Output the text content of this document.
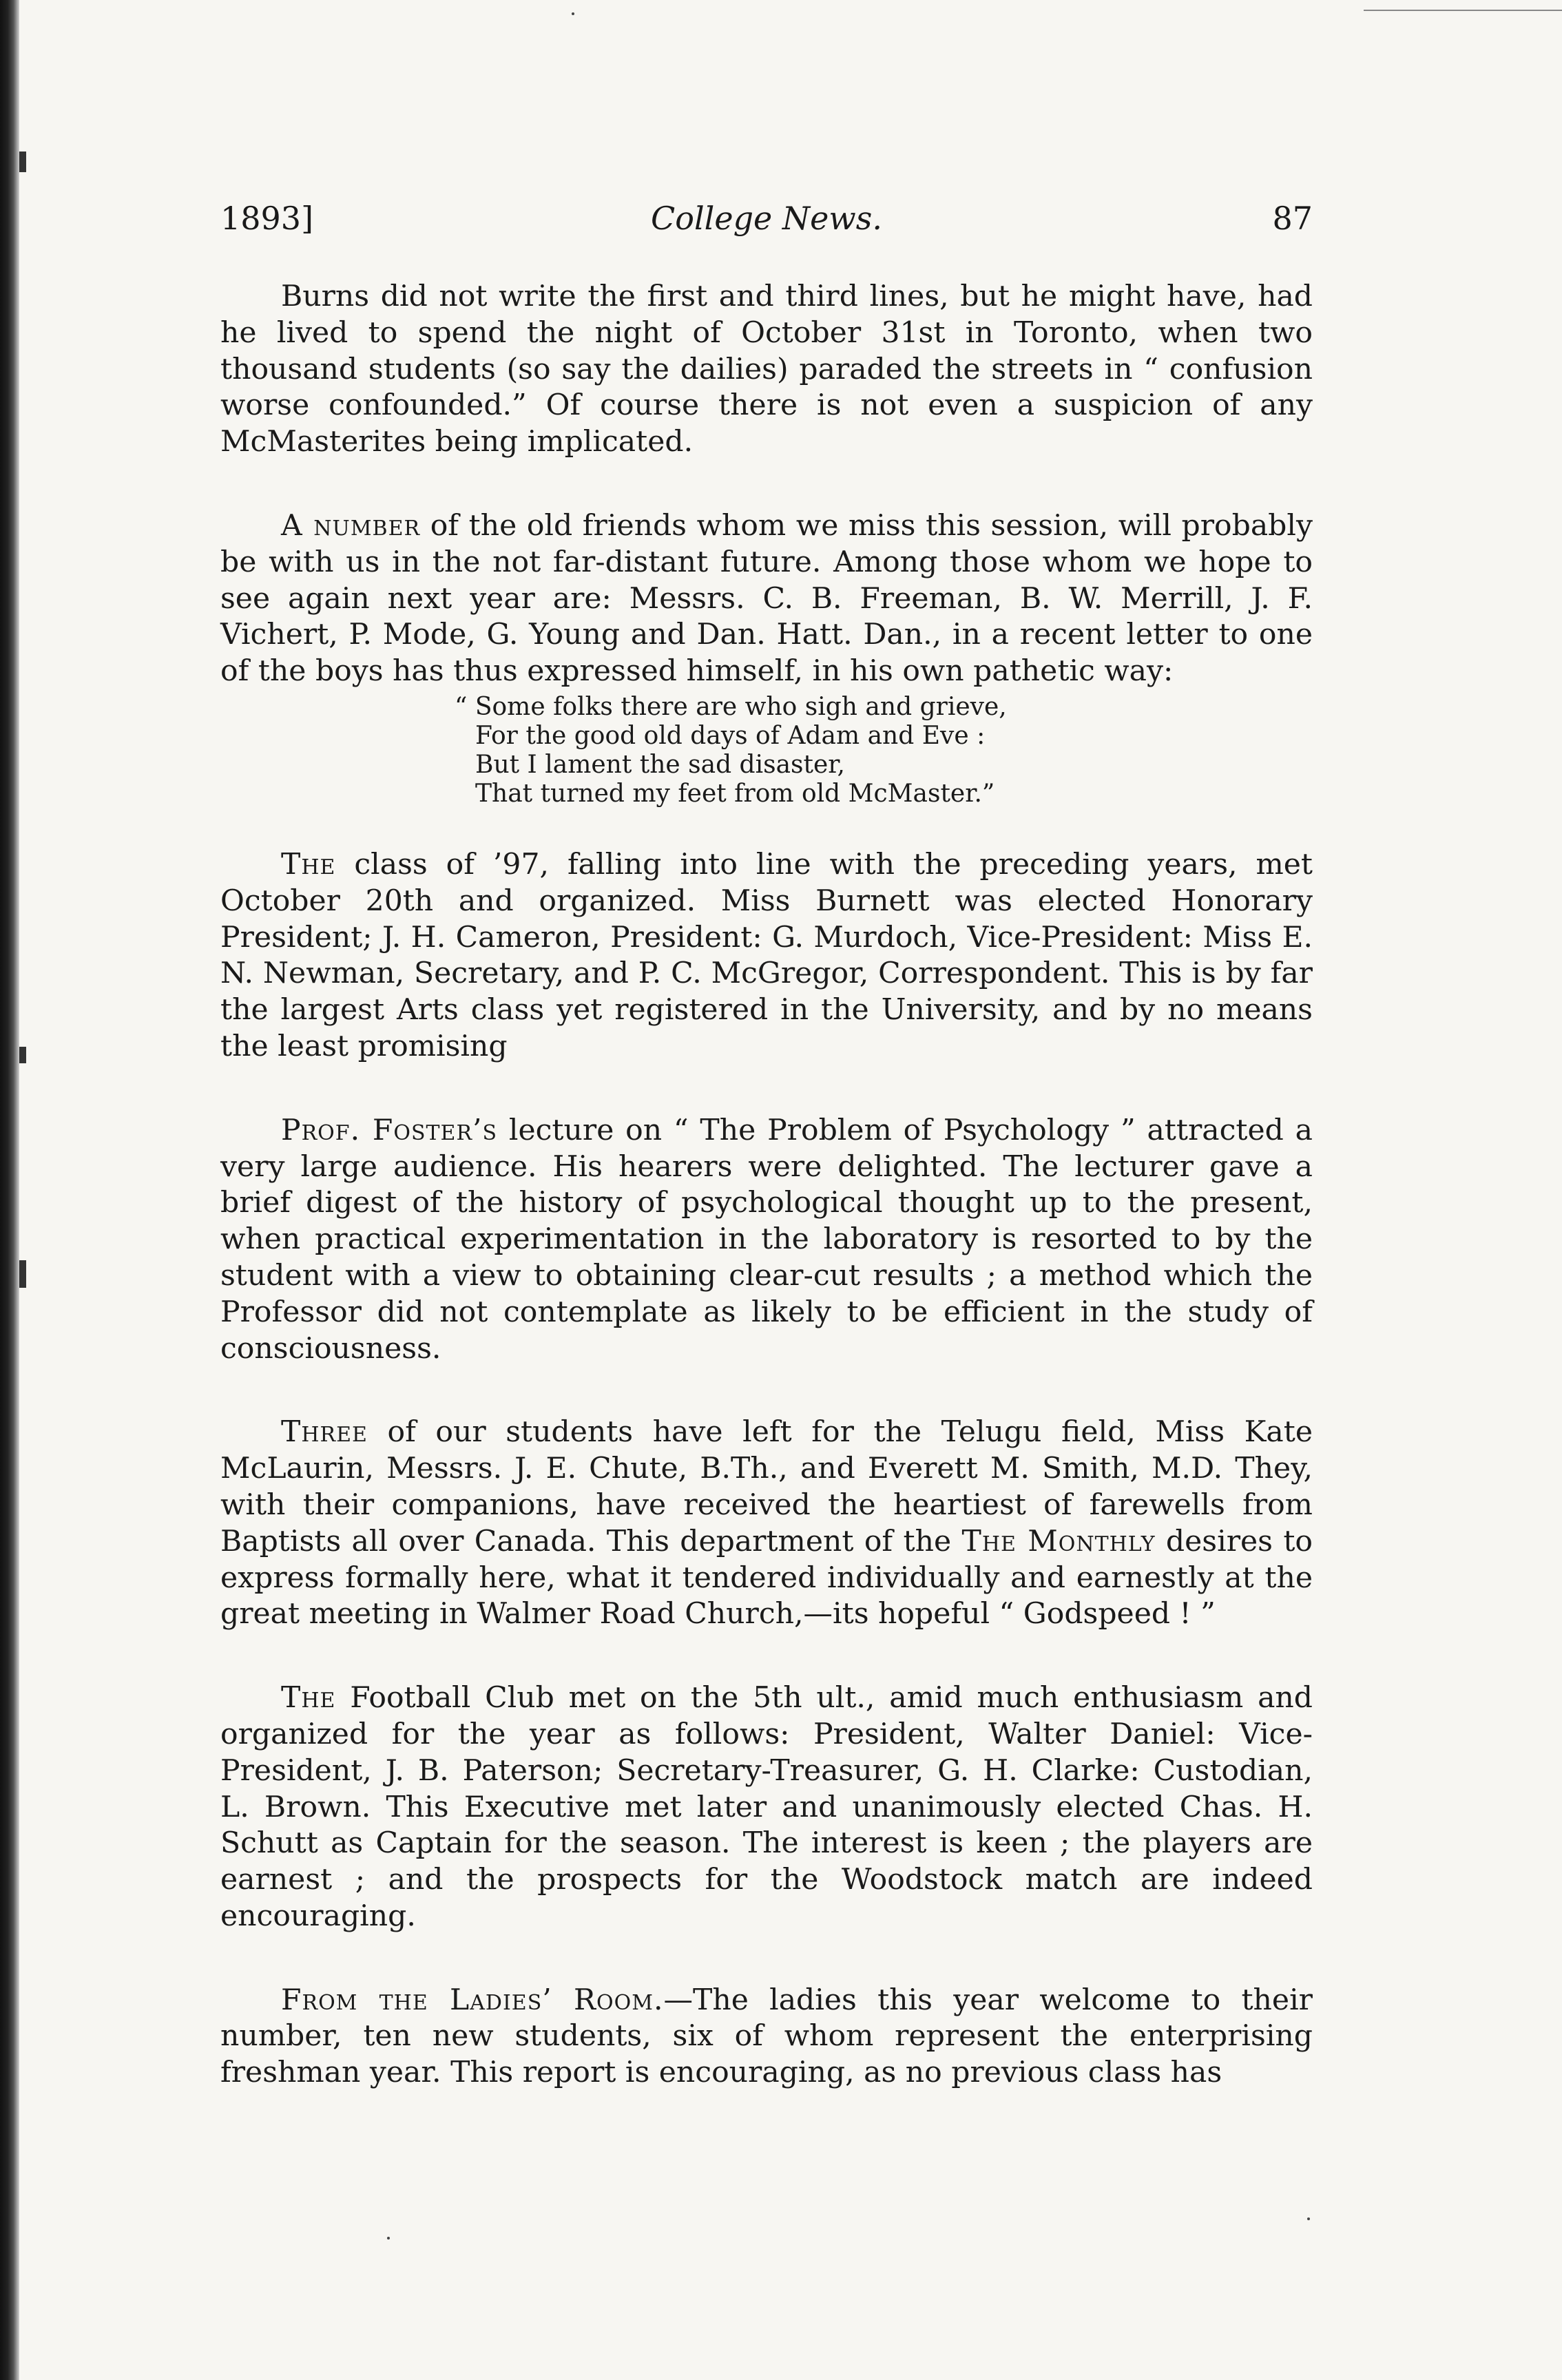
1893]	College News.	87

Burns did not write the first and third lines, but he might have, had he lived to spend the night of October 31st in Toronto, when two thousand students (so say the dailies) paraded the streets in “ confusion worse confounded.” Of course there is not even a suspicion of any McMasterites being implicated.

A number of the old friends whom we miss this session, will probably be with us in the not far-distant future. Among those whom we hope to see again next year are: Messrs. C. B. Freeman, B. W. Merrill, J. F. Vichert, P. Mode, G. Young and Dan. Hatt. Dan., in a recent letter to one of the boys has thus expressed himself, in his own pathetic way:

“ Some folks there are who sigh and grieve,
For the good old days of Adam and Eve :
But I lament the sad disaster,
That turned my feet from old McMaster.”

The class of ’97, falling into line with the preceding years, met October 20th and organized. Miss Burnett was elected Honorary President; J. H. Cameron, President: G. Murdoch, Vice-President: Miss E. N. Newman, Secretary, and P. C. McGregor, Correspondent. This is by far the largest Arts class yet registered in the University, and by no means the least promising

Prof. Foster’s lecture on “ The Problem of Psychology ” attracted a very large audience. His hearers were delighted. The lecturer gave a brief digest of the history of psychological thought up to the present, when practical experimentation in the laboratory is resorted to by the student with a view to obtaining clear-cut results ; a method which the Professor did not contemplate as likely to be efficient in the study of consciousness.

Three of our students have left for the Telugu field, Miss Kate McLaurin, Messrs. J. E. Chute, B.Th., and Everett M. Smith, M.D. They, with their companions, have received the heartiest of farewells from Baptists all over Canada. This department of the The Monthly desires to express formally here, what it tendered individually and earnestly at the great meeting in Walmer Road Church,—its hopeful “ Godspeed ! ”

The Football Club met on the 5th ult., amid much enthusiasm and organized for the year as follows: President, Walter Daniel: Vice-President, J. B. Paterson; Secretary-Treasurer, G. H. Clarke: Custodian, L. Brown. This Executive met later and unanimously elected Chas. H. Schutt as Captain for the season. The interest is keen ; the players are earnest ; and the prospects for the Woodstock match are indeed encouraging.

From the Ladies’ Room.—The ladies this year welcome to their number, ten new students, six of whom represent the enterprising freshman year. This report is encouraging, as no previous class has
